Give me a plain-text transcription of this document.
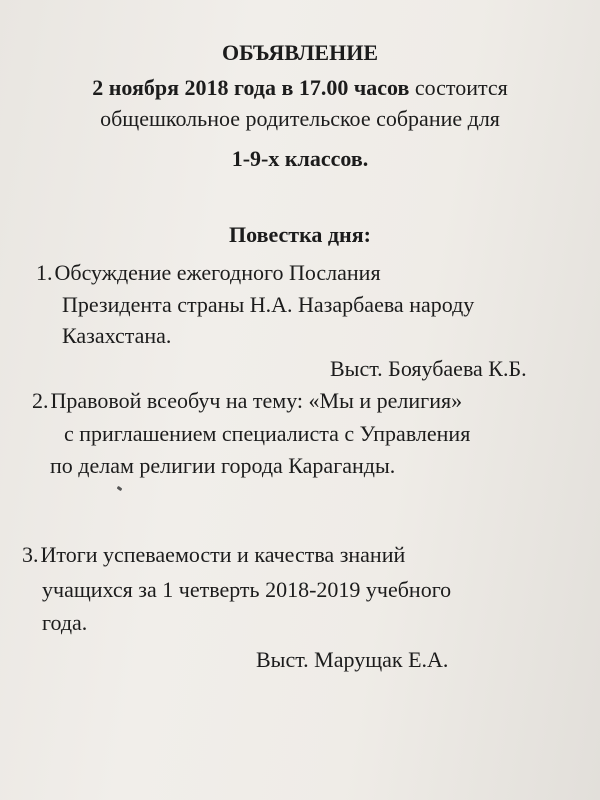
ОБЪЯВЛЕНИЕ
2 ноября 2018 года в 17.00 часов состоится
общешкольное родительское собрание для
1-9-х классов.
Повестка дня:
1.Обсуждение ежегодного Послания
Президента страны Н.А. Назарбаева народу
Казахстана.
Выст. Бояубаева К.Б.
2.Правовой всеобуч на тему: «Мы и религия»
с приглашением специалиста с Управления
по делам религии города Караганды.
3.Итоги успеваемости и качества знаний
учащихся за 1 четверть 2018-2019 учебного
года.
Выст. Марущак Е.А.
